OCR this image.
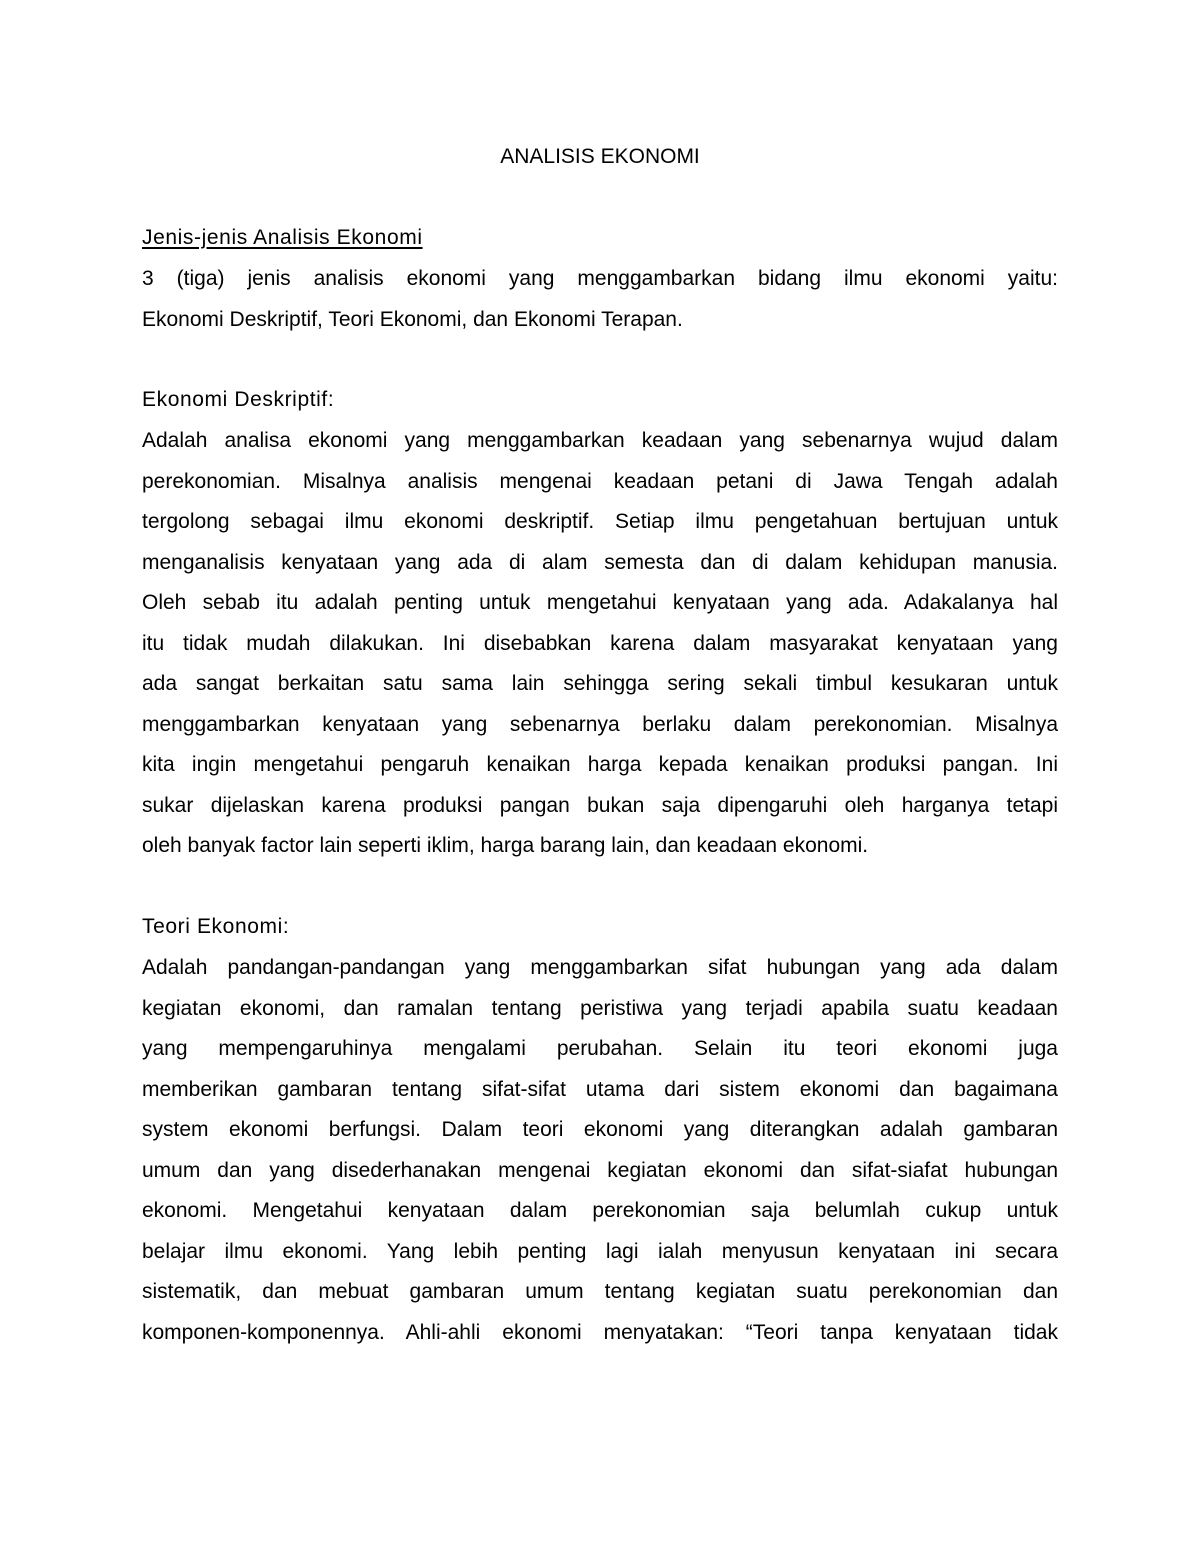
ANALISIS EKONOMI
Jenis-jenis Analisis Ekonomi
3 (tiga) jenis analisis ekonomi yang menggambarkan bidang ilmu ekonomi yaitu:
Ekonomi Deskriptif, Teori Ekonomi, dan Ekonomi Terapan.
Ekonomi Deskriptif:
Adalah analisa ekonomi yang menggambarkan keadaan yang sebenarnya wujud dalam
perekonomian. Misalnya analisis mengenai keadaan petani di Jawa Tengah adalah
tergolong sebagai ilmu ekonomi deskriptif. Setiap ilmu pengetahuan bertujuan untuk
menganalisis kenyataan yang ada di alam semesta dan di dalam kehidupan manusia.
Oleh sebab itu adalah penting untuk mengetahui kenyataan yang ada. Adakalanya hal
itu tidak mudah dilakukan. Ini disebabkan karena dalam masyarakat kenyataan yang
ada sangat berkaitan satu sama lain sehingga sering sekali timbul kesukaran untuk
menggambarkan kenyataan yang sebenarnya berlaku dalam perekonomian. Misalnya
kita ingin mengetahui pengaruh kenaikan harga kepada kenaikan produksi pangan. Ini
sukar dijelaskan karena produksi pangan bukan saja dipengaruhi oleh harganya tetapi
oleh banyak factor lain seperti iklim, harga barang lain, dan keadaan ekonomi.
Teori Ekonomi:
Adalah pandangan-pandangan yang menggambarkan sifat hubungan yang ada dalam
kegiatan ekonomi, dan ramalan tentang peristiwa yang terjadi apabila suatu keadaan
yang mempengaruhinya mengalami perubahan. Selain itu teori ekonomi juga
memberikan gambaran tentang sifat-sifat utama dari sistem ekonomi dan bagaimana
system ekonomi berfungsi. Dalam teori ekonomi yang diterangkan adalah gambaran
umum dan yang disederhanakan mengenai kegiatan ekonomi dan sifat-siafat hubungan
ekonomi. Mengetahui kenyataan dalam perekonomian saja belumlah cukup untuk
belajar ilmu ekonomi. Yang lebih penting lagi ialah menyusun kenyataan ini secara
sistematik, dan mebuat gambaran umum tentang kegiatan suatu perekonomian dan
komponen-komponennya. Ahli-ahli ekonomi menyatakan: “Teori tanpa kenyataan tidak
